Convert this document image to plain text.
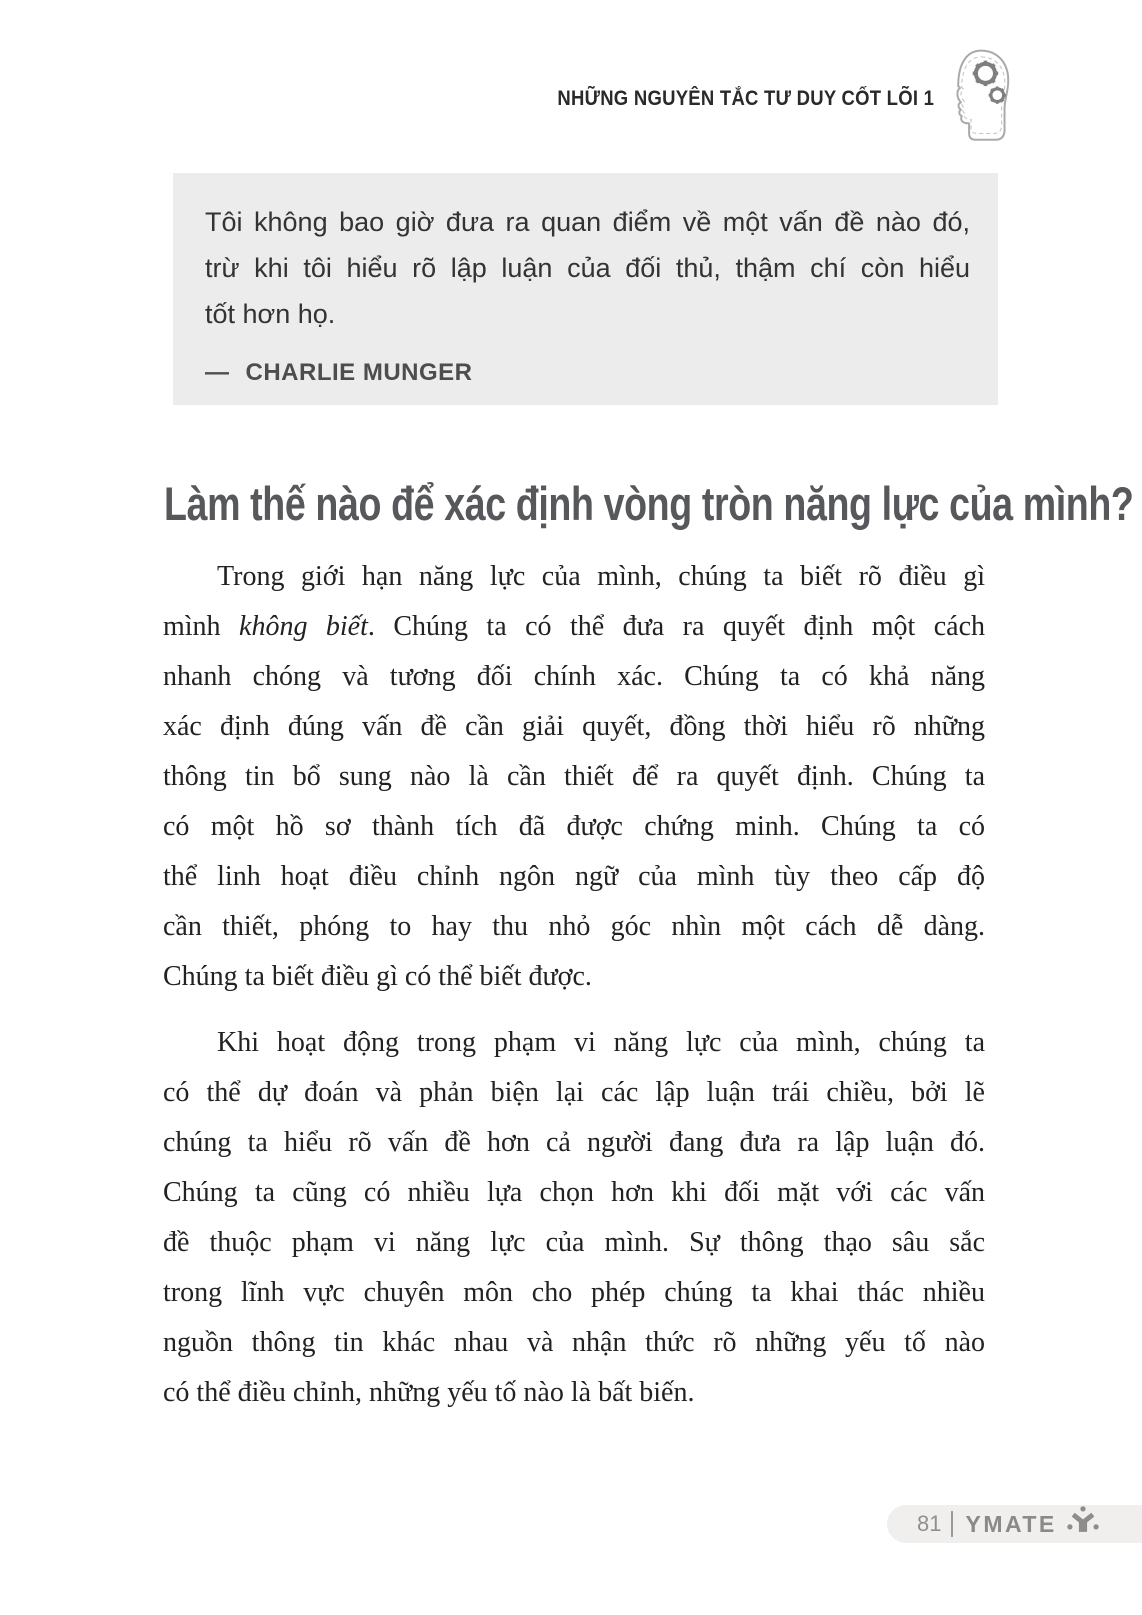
NHỮNG NGUYÊN TẮC TƯ DUY CỐT LÕI 1
Tôi không bao giờ đưa ra quan điểm về một vấn đề nào đó,
trừ khi tôi hiểu rõ lập luận của đối thủ, thậm chí còn hiểu
tốt hơn họ.
— CHARLIE MUNGER
Làm thế nào để xác định vòng tròn năng lực của mình?
Trong giới hạn năng lực của mình, chúng ta biết rõ điều gì
mình không biết. Chúng ta có thể đưa ra quyết định một cách
nhanh chóng và tương đối chính xác. Chúng ta có khả năng
xác định đúng vấn đề cần giải quyết, đồng thời hiểu rõ những
thông tin bổ sung nào là cần thiết để ra quyết định. Chúng ta
có một hồ sơ thành tích đã được chứng minh. Chúng ta có
thể linh hoạt điều chỉnh ngôn ngữ của mình tùy theo cấp độ
cần thiết, phóng to hay thu nhỏ góc nhìn một cách dễ dàng.
Chúng ta biết điều gì có thể biết được.
Khi hoạt động trong phạm vi năng lực của mình, chúng ta
có thể dự đoán và phản biện lại các lập luận trái chiều, bởi lẽ
chúng ta hiểu rõ vấn đề hơn cả người đang đưa ra lập luận đó.
Chúng ta cũng có nhiều lựa chọn hơn khi đối mặt với các vấn
đề thuộc phạm vi năng lực của mình. Sự thông thạo sâu sắc
trong lĩnh vực chuyên môn cho phép chúng ta khai thác nhiều
nguồn thông tin khác nhau và nhận thức rõ những yếu tố nào
có thể điều chỉnh, những yếu tố nào là bất biến.
81 YMATE
